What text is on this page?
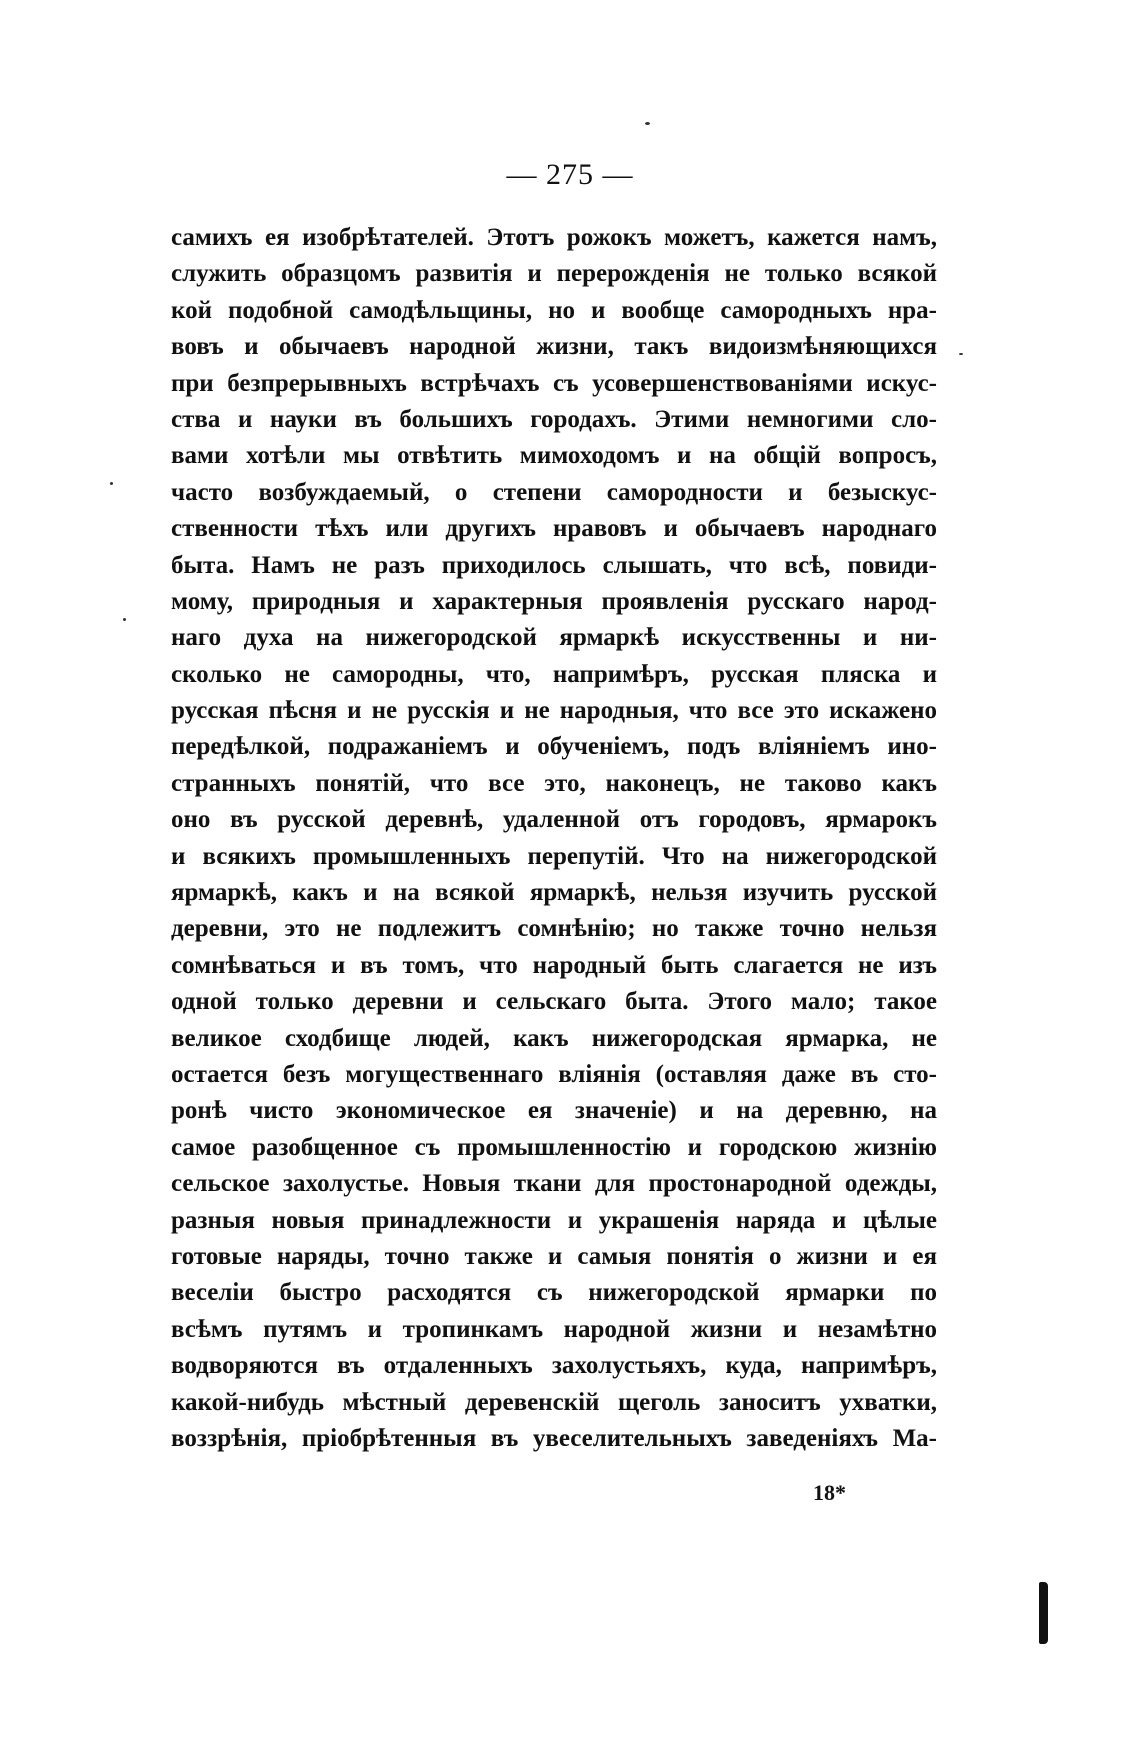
— 275 —
самихъ ея изобрѣтателей. Этотъ рожокъ можетъ, кажется намъ,
служить образцомъ развитія и перерожденія не только всякой
кой подобной самодѣльщины, но и вообще самородныхъ нра-
вовъ и обычаевъ народной жизни, такъ видоизмѣняющихся
при безпрерывныхъ встрѣчахъ съ усовершенствованіями искус-
ства и науки въ большихъ городахъ. Этими немногими сло-
вами хотѣли мы отвѣтить мимоходомъ и на общій вопросъ,
часто возбуждаемый, о степени самородности и безыскус-
ственности тѣхъ или другихъ нравовъ и обычаевъ народнаго
быта. Намъ не разъ приходилось слышать, что всѣ, повиди-
мому, природныя и характерныя проявленія русскаго народ-
наго духа на нижегородской ярмаркѣ искусственны и ни-
сколько не самородны, что, напримѣръ, русская пляска и
русская пѣсня и не русскія и не народныя, что все это искажено
передѣлкой, подражаніемъ и обученіемъ, подъ вліяніемъ ино-
странныхъ понятій, что все это, наконецъ, не таково какъ
оно въ русской деревнѣ, удаленной отъ городовъ, ярмарокъ
и всякихъ промышленныхъ перепутій. Что на нижегородской
ярмаркѣ, какъ и на всякой ярмаркѣ, нельзя изучить русской
деревни, это не подлежитъ сомнѣнію; но также точно нельзя
сомнѣваться и въ томъ, что народный быть слагается не изъ
одной только деревни и сельскаго быта. Этого мало; такое
великое сходбище людей, какъ нижегородская ярмарка, не
остается безъ могущественнаго вліянія (оставляя даже въ сто-
ронѣ чисто экономическое ея значеніе) и на деревню, на
самое разобщенное съ промышленностію и городскою жизнію
сельское захолустье. Новыя ткани для простонародной одежды,
разныя новыя принадлежности и украшенія наряда и цѣлые
готовые наряды, точно также и самыя понятія о жизни и ея
веселіи быстро расходятся съ нижегородской ярмарки по
всѣмъ путямъ и тропинкамъ народной жизни и незамѣтно
водворяются въ отдаленныхъ захолустьяхъ, куда, напримѣръ,
какой-нибудь мѣстный деревенскій щеголь заноситъ ухватки,
воззрѣнія, пріобрѣтенныя въ увеселительныхъ заведеніяхъ Ма-
18*
